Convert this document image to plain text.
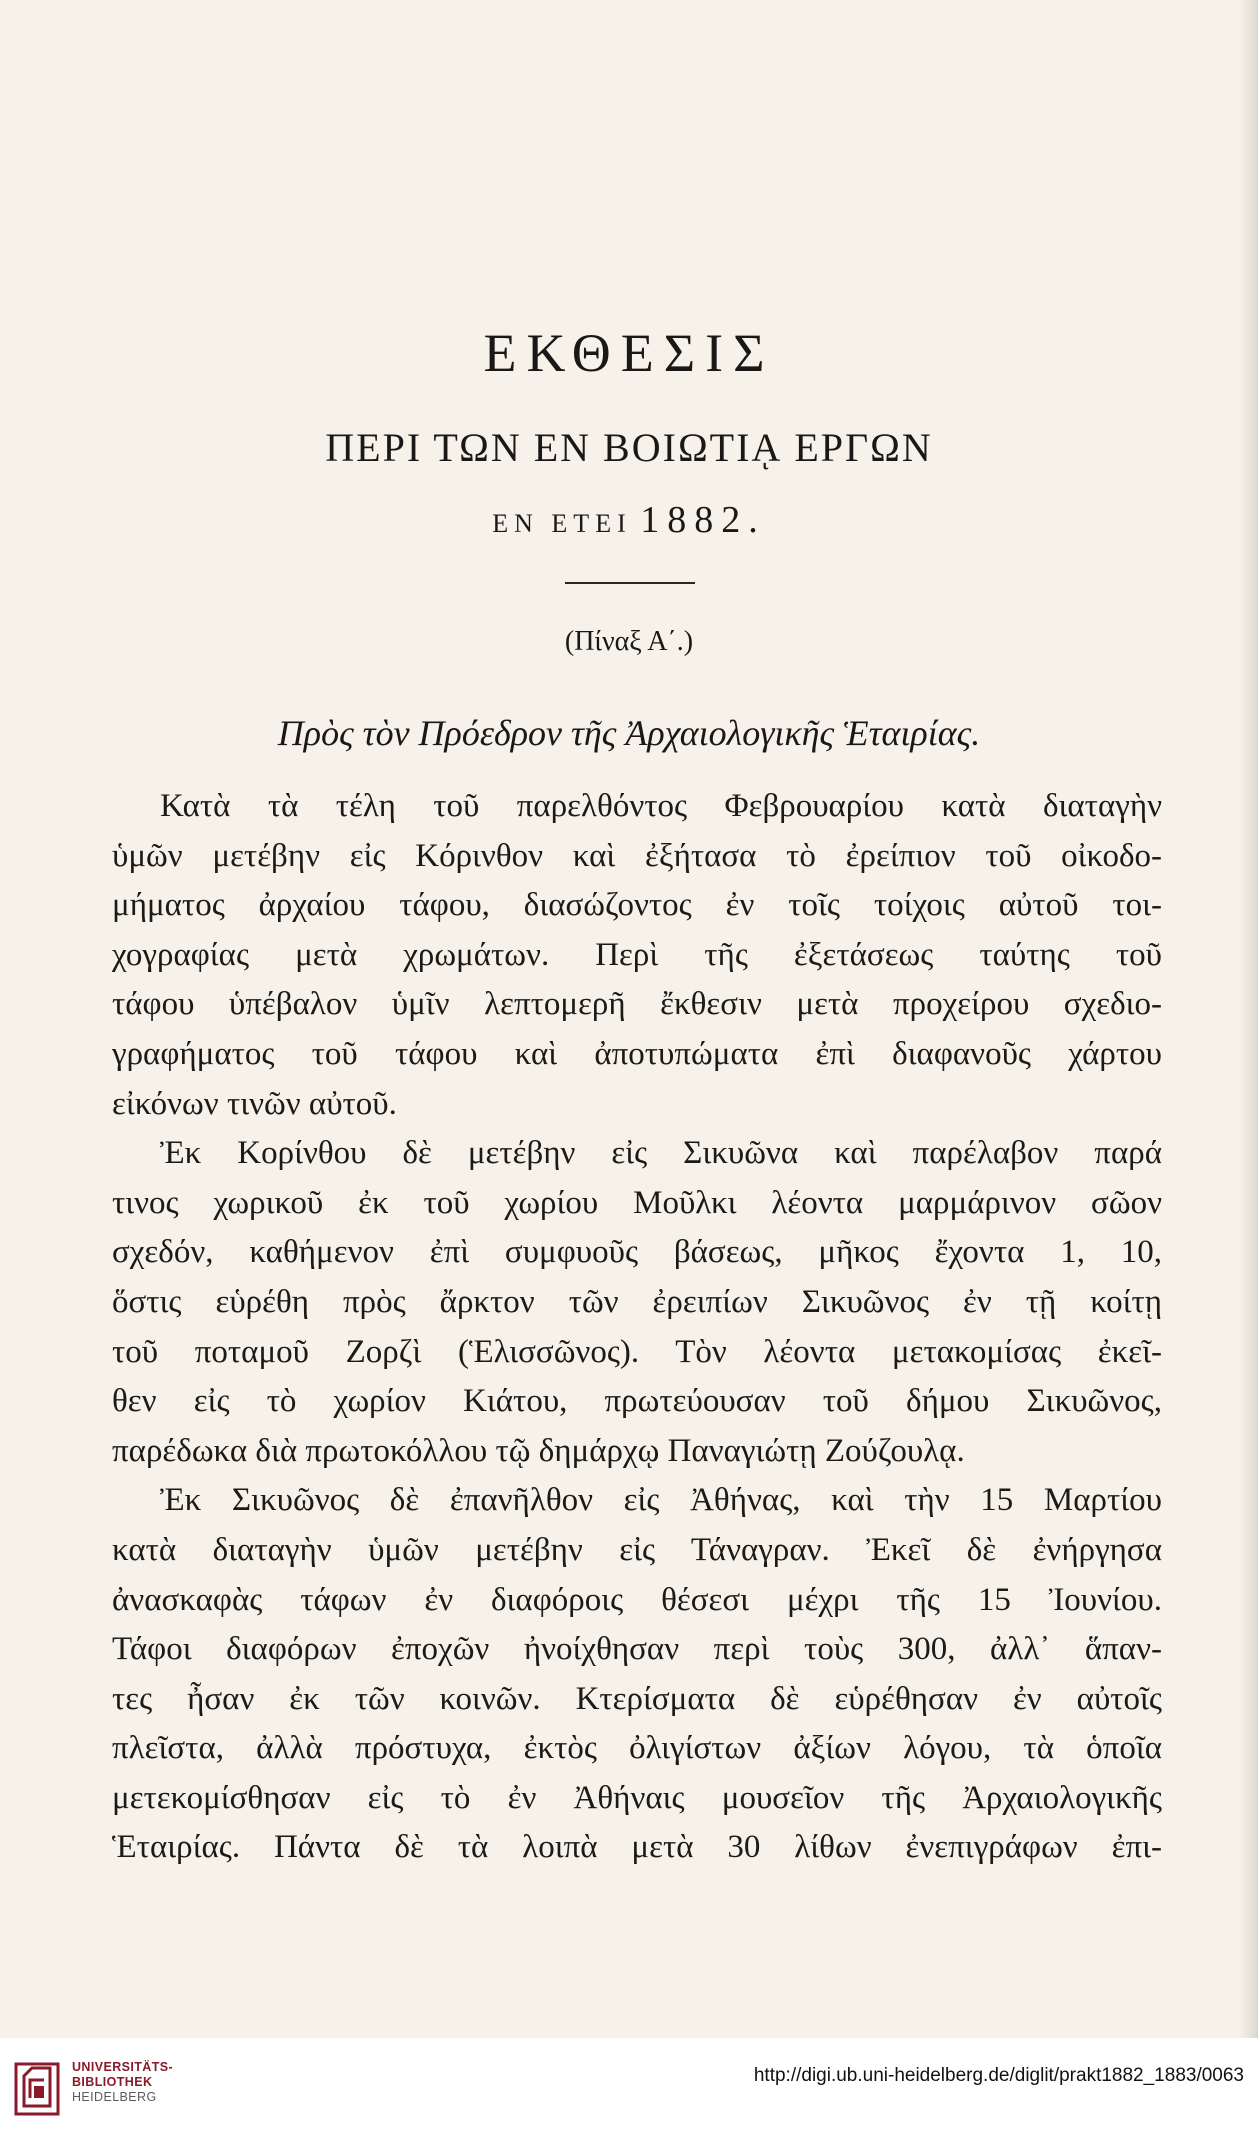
ΕΚΘΕΣΙΣ
ΠΕΡΙ ΤΩΝ ΕΝ ΒΟΙΩΤΙᾼ ΕΡΓΩΝ
ΕΝ ΕΤΕΙ 1882.
(Πίναξ Α΄.)
Πρὸς τὸν Πρόεδρον τῆς Ἀρχαιολογικῆς Ἑταιρίας.
Κατὰ τὰ τέλη τοῦ παρελθόντος Φεβρουαρίου κατὰ διαταγὴν
ὑμῶν μετέβην εἰς Κόρινθον καὶ ἐξήτασα τὸ ἐρείπιον τοῦ οἰκοδο-
μήματος ἀρχαίου τάφου, διασώζοντος ἐν τοῖς τοίχοις αὐτοῦ τοι-
χογραφίας μετὰ χρωμάτων. Περὶ τῆς ἐξετάσεως ταύτης τοῦ
τάφου ὑπέβαλον ὑμῖν λεπτομερῆ ἔκθεσιν μετὰ προχείρου σχεδιο-
γραφήματος τοῦ τάφου καὶ ἀποτυπώματα ἐπὶ διαφανοῦς χάρτου
εἰκόνων τινῶν αὐτοῦ.
Ἐκ Κορίνθου δὲ μετέβην εἰς Σικυῶνα καὶ παρέλαβον παρά
τινος χωρικοῦ ἐκ τοῦ χωρίου Μοῦλκι λέοντα μαρμάρινον σῶον
σχεδόν, καθήμενον ἐπὶ συμφυοῦς βάσεως, μῆκος ἔχοντα 1, 10,
ὅστις εὑρέθη πρὸς ἄρκτον τῶν ἐρειπίων Σικυῶνος ἐν τῇ κοίτῃ
τοῦ ποταμοῦ Ζορζὶ (Ἑλισσῶνος). Τὸν λέοντα μετακομίσας ἐκεῖ-
θεν εἰς τὸ χωρίον Κιάτου, πρωτεύουσαν τοῦ δήμου Σικυῶνος,
παρέδωκα διὰ πρωτοκόλλου τῷ δημάρχῳ Παναγιώτῃ Ζούζουλᾳ.
Ἐκ Σικυῶνος δὲ ἐπανῆλθον εἰς Ἀθήνας, καὶ τὴν 15 Μαρτίου
κατὰ διαταγὴν ὑμῶν μετέβην εἰς Τάναγραν. Ἐκεῖ δὲ ἐνήργησα
ἀνασκαφὰς τάφων ἐν διαφόροις θέσεσι μέχρι τῆς 15 Ἰουνίου.
Τάφοι διαφόρων ἐποχῶν ἠνοίχθησαν περὶ τοὺς 300, ἀλλ᾽ ἅπαν-
τες ἦσαν ἐκ τῶν κοινῶν. Κτερίσματα δὲ εὑρέθησαν ἐν αὐτοῖς
πλεῖστα, ἀλλὰ πρόστυχα, ἐκτὸς ὀλιγίστων ἀξίων λόγου, τὰ ὁποῖα
μετεκομίσθησαν εἰς τὸ ἐν Ἀθήναις μουσεῖον τῆς Ἀρχαιολογικῆς
Ἑταιρίας. Πάντα δὲ τὰ λοιπὰ μετὰ 30 λίθων ἐνεπιγράφων ἐπι-
UNIVERSITÄTS-
BIBLIOTHEK
HEIDELBERG
http://digi.ub.uni-heidelberg.de/diglit/prakt1882_1883/0063
